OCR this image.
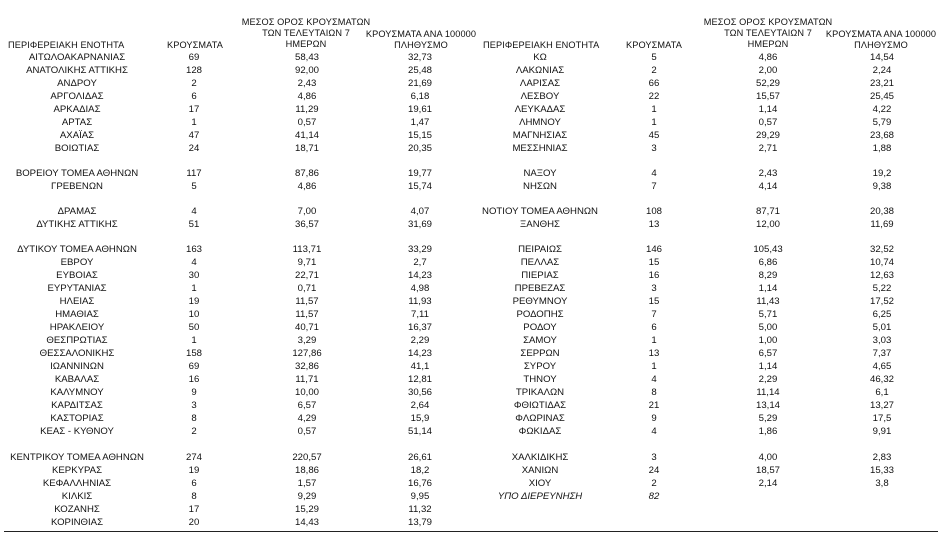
ΠΕΡΙΦΕΡΕΙΑΚΗ ΕΝΟΤΗΤΑ	ΚΡΟΥΣΜΑΤΑ
ΜΕΣΟΣ ΟΡΟΣ ΚΡΟΥΣΜΑΤΩΝ
ΤΩΝ ΤΕΛΕΥΤΑΙΩΝ 7
ΗΜΕΡΩΝ
ΚΡΟΥΣΜΑΤΑ ΑΝΑ 100000
ΠΛΗΘΥΣΜΟ	ΠΕΡΙΦΕΡΕΙΑΚΗ ΕΝΟΤΗΤΑ	ΚΡΟΥΣΜΑΤΑ
ΜΕΣΟΣ ΟΡΟΣ ΚΡΟΥΣΜΑΤΩΝ
ΤΩΝ ΤΕΛΕΥΤΑΙΩΝ 7
ΗΜΕΡΩΝ
ΚΡΟΥΣΜΑΤΑ ΑΝΑ 100000
ΠΛΗΘΥΣΜΟ
ΑΙΤΩΛΟΑΚΑΡΝΑΝΙΑΣ	69	58,43	32,73
ΑΝΑΤΟΛΙΚΗΣ ΑΤΤΙΚΗΣ	128	92,00	25,48
ΑΝΔΡΟΥ	2	2,43	21,69
ΑΡΓΟΛΙΔΑΣ	6	4,86	6,18
ΑΡΚΑΔΙΑΣ	17	11,29	19,61
ΑΡΤΑΣ	1	0,57	1,47
ΑΧΑΪΑΣ	47	41,14	15,15
ΒΟΙΩΤΙΑΣ	24	18,71	20,35
ΒΟΡΕΙΟΥ ΤΟΜΕΑ ΑΘΗΝΩΝ	117	87,86	19,77
ΓΡΕΒΕΝΩΝ	5	4,86	15,74
ΔΡΑΜΑΣ	4	7,00	4,07
ΔΥΤΙΚΗΣ ΑΤΤΙΚΗΣ	51	36,57	31,69
ΔΥΤΙΚΟΥ ΤΟΜΕΑ ΑΘΗΝΩΝ	163	113,71	33,29
ΕΒΡΟΥ	4	9,71	2,7
ΕΥΒΟΙΑΣ	30	22,71	14,23
ΕΥΡΥΤΑΝΙΑΣ	1	0,71	4,98
ΗΛΕΙΑΣ	19	11,57	11,93
ΗΜΑΘΙΑΣ	10	11,57	7,11
ΗΡΑΚΛΕΙΟΥ	50	40,71	16,37
ΘΕΣΠΡΩΤΙΑΣ	1	3,29	2,29
ΘΕΣΣΑΛΟΝΙΚΗΣ	158	127,86	14,23
ΙΩΑΝΝΙΝΩΝ	69	32,86	41,1
ΚΑΒΑΛΑΣ	16	11,71	12,81
ΚΑΛΥΜΝΟΥ	9	10,00	30,56
ΚΑΡΔΙΤΣΑΣ	3	6,57	2,64
ΚΑΣΤΟΡΙΑΣ	8	4,29	15,9
ΚΕΑΣ - ΚΥΘΝΟΥ	2	0,57	51,14
ΚΕΝΤΡΙΚΟΥ ΤΟΜΕΑ ΑΘΗΝΩΝ	274	220,57	26,61
ΚΕΡΚΥΡΑΣ	19	18,86	18,2
ΚΕΦΑΛΛΗΝΙΑΣ	6	1,57	16,76
ΚΙΛΚΙΣ	8	9,29	9,95
ΚΟΖΑΝΗΣ	17	15,29	11,32
ΚΟΡΙΝΘΙΑΣ	20	14,43	13,79
ΚΩ	5	4,86	14,54
ΛΑΚΩΝΙΑΣ	2	2,00	2,24
ΛΑΡΙΣΑΣ	66	52,29	23,21
ΛΕΣΒΟΥ	22	15,57	25,45
ΛΕΥΚΑΔΑΣ	1	1,14	4,22
ΛΗΜΝΟΥ	1	0,57	5,79
ΜΑΓΝΗΣΙΑΣ	45	29,29	23,68
ΜΕΣΣΗΝΙΑΣ	3	2,71	1,88
ΝΑΞΟΥ	4	2,43	19,2
ΝΗΣΩΝ	7	4,14	9,38
ΝΟΤΙΟΥ ΤΟΜΕΑ ΑΘΗΝΩΝ	108	87,71	20,38
ΞΑΝΘΗΣ	13	12,00	11,69
ΠΕΙΡΑΙΩΣ	146	105,43	32,52
ΠΕΛΛΑΣ	15	6,86	10,74
ΠΙΕΡΙΑΣ	16	8,29	12,63
ΠΡΕΒΕΖΑΣ	3	1,14	5,22
ΡΕΘΥΜΝΟΥ	15	11,43	17,52
ΡΟΔΟΠΗΣ	7	5,71	6,25
ΡΟΔΟΥ	6	5,00	5,01
ΣΑΜΟΥ	1	1,00	3,03
ΣΕΡΡΩΝ	13	6,57	7,37
ΣΥΡΟΥ	1	1,14	4,65
ΤΗΝΟΥ	4	2,29	46,32
ΤΡΙΚΑΛΩΝ	8	11,14	6,1
ΦΘΙΩΤΙΔΑΣ	21	13,14	13,27
ΦΛΩΡΙΝΑΣ	9	5,29	17,5
ΦΩΚΙΔΑΣ	4	1,86	9,91
ΧΑΛΚΙΔΙΚΗΣ	3	4,00	2,83
ΧΑΝΙΩΝ	24	18,57	15,33
ΧΙΟΥ	2	2,14	3,8
ΥΠΟ ΔΙΕΡΕΥΝΗΣΗ	82
